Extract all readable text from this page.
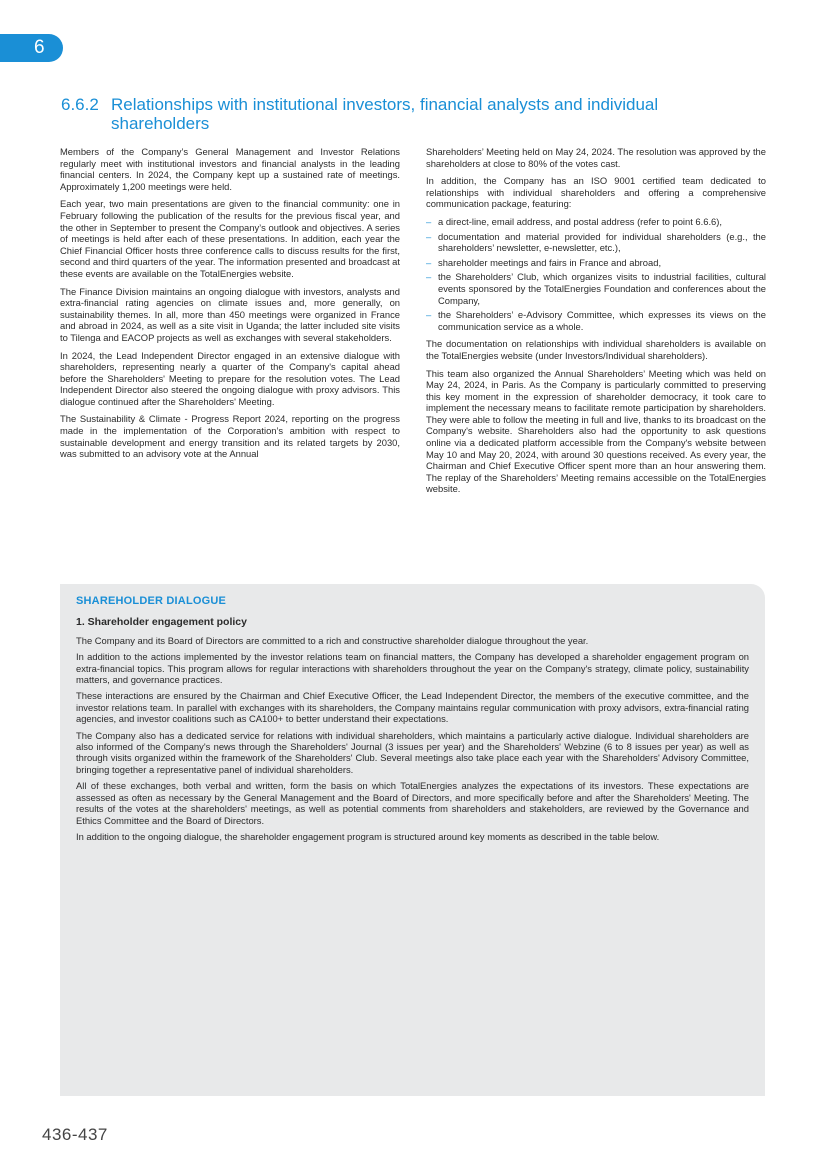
6
6.6.2 Relationships with institutional investors, financial analysts and individual
shareholders

Members of the Company’s General Management and Investor Relations regularly meet with institutional investors and financial analysts in the leading financial centers. In 2024, the Company kept up a sustained rate of meetings. Approximately 1,200 meetings were held.

Each year, two main presentations are given to the financial community: one in February following the publication of the results for the previous fiscal year, and the other in September to present the Company’s outlook and objectives. A series of meetings is held after each of these presentations. In addition, each year the Chief Financial Officer hosts three conference calls to discuss results for the first, second and third quarters of the year. The information presented and broadcast at these events are available on the TotalEnergies website.

The Finance Division maintains an ongoing dialogue with investors, analysts and extra-financial rating agencies on climate issues and, more generally, on sustainability themes. In all, more than 450 meetings were organized in France and abroad in 2024, as well as a site visit in Uganda; the latter included site visits to Tilenga and EACOP projects as well as exchanges with several stakeholders.

In 2024, the Lead Independent Director engaged in an extensive dialogue with shareholders, representing nearly a quarter of the Company's capital ahead before the Shareholders' Meeting to prepare for the resolution votes. The Lead Independent Director also steered the ongoing dialogue with proxy advisors. This dialogue continued after the Shareholders' Meeting.

The Sustainability & Climate - Progress Report 2024, reporting on the progress made in the implementation of the Corporation’s ambition with respect to sustainable development and energy transition and its related targets by 2030, was submitted to an advisory vote at the Annual

Shareholders’ Meeting held on May 24, 2024. The resolution was approved by the shareholders at close to 80% of the votes cast.

In addition, the Company has an ISO 9001 certified team dedicated to relationships with individual shareholders and offering a comprehensive communication package, featuring:

– a direct-line, email address, and postal address (refer to point 6.6.6),
– documentation and material provided for individual shareholders (e.g., the shareholders’ newsletter, e-newsletter, etc.),
– shareholder meetings and fairs in France and abroad,
– the Shareholders’ Club, which organizes visits to industrial facilities, cultural events sponsored by the TotalEnergies Foundation and conferences about the Company,
– the Shareholders’ e-Advisory Committee, which expresses its views on the communication service as a whole.

The documentation on relationships with individual shareholders is available on the TotalEnergies website (under Investors/Individual shareholders).

This team also organized the Annual Shareholders’ Meeting which was held on May 24, 2024, in Paris. As the Company is particularly committed to preserving this key moment in the expression of shareholder democracy, it took care to implement the necessary means to facilitate remote participation by shareholders. They were able to follow the meeting in full and live, thanks to its broadcast on the Company's website. Shareholders also had the opportunity to ask questions online via a dedicated platform accessible from the Company's website between May 10 and May 20, 2024, with around 30 questions received. As every year, the Chairman and Chief Executive Officer spent more than an hour answering them. The replay of the Shareholders’ Meeting remains accessible on the TotalEnergies website.

SHAREHOLDER DIALOGUE
1. Shareholder engagement policy

The Company and its Board of Directors are committed to a rich and constructive shareholder dialogue throughout the year.

In addition to the actions implemented by the investor relations team on financial matters, the Company has developed a shareholder engagement program on extra-financial topics. This program allows for regular interactions with shareholders throughout the year on the Company's strategy, climate policy, sustainability matters, and governance practices.

These interactions are ensured by the Chairman and Chief Executive Officer, the Lead Independent Director, the members of the executive committee, and the investor relations team. In parallel with exchanges with its shareholders, the Company maintains regular communication with proxy advisors, extra-financial rating agencies, and investor coalitions such as CA100+ to better understand their expectations.

The Company also has a dedicated service for relations with individual shareholders, which maintains a particularly active dialogue. Individual shareholders are also informed of the Company's news through the Shareholders' Journal (3 issues per year) and the Shareholders' Webzine (6 to 8 issues per year) as well as through visits organized within the framework of the Shareholders' Club. Several meetings also take place each year with the Shareholders' Advisory Committee, bringing together a representative panel of individual shareholders.

All of these exchanges, both verbal and written, form the basis on which TotalEnergies analyzes the expectations of its investors. These expectations are assessed as often as necessary by the General Management and the Board of Directors, and more specifically before and after the Shareholders' Meeting. The results of the votes at the shareholders' meetings, as well as potential comments from shareholders and stakeholders, are reviewed by the Governance and Ethics Committee and the Board of Directors.

In addition to the ongoing dialogue, the shareholder engagement program is structured around key moments as described in the table below.

436-437
